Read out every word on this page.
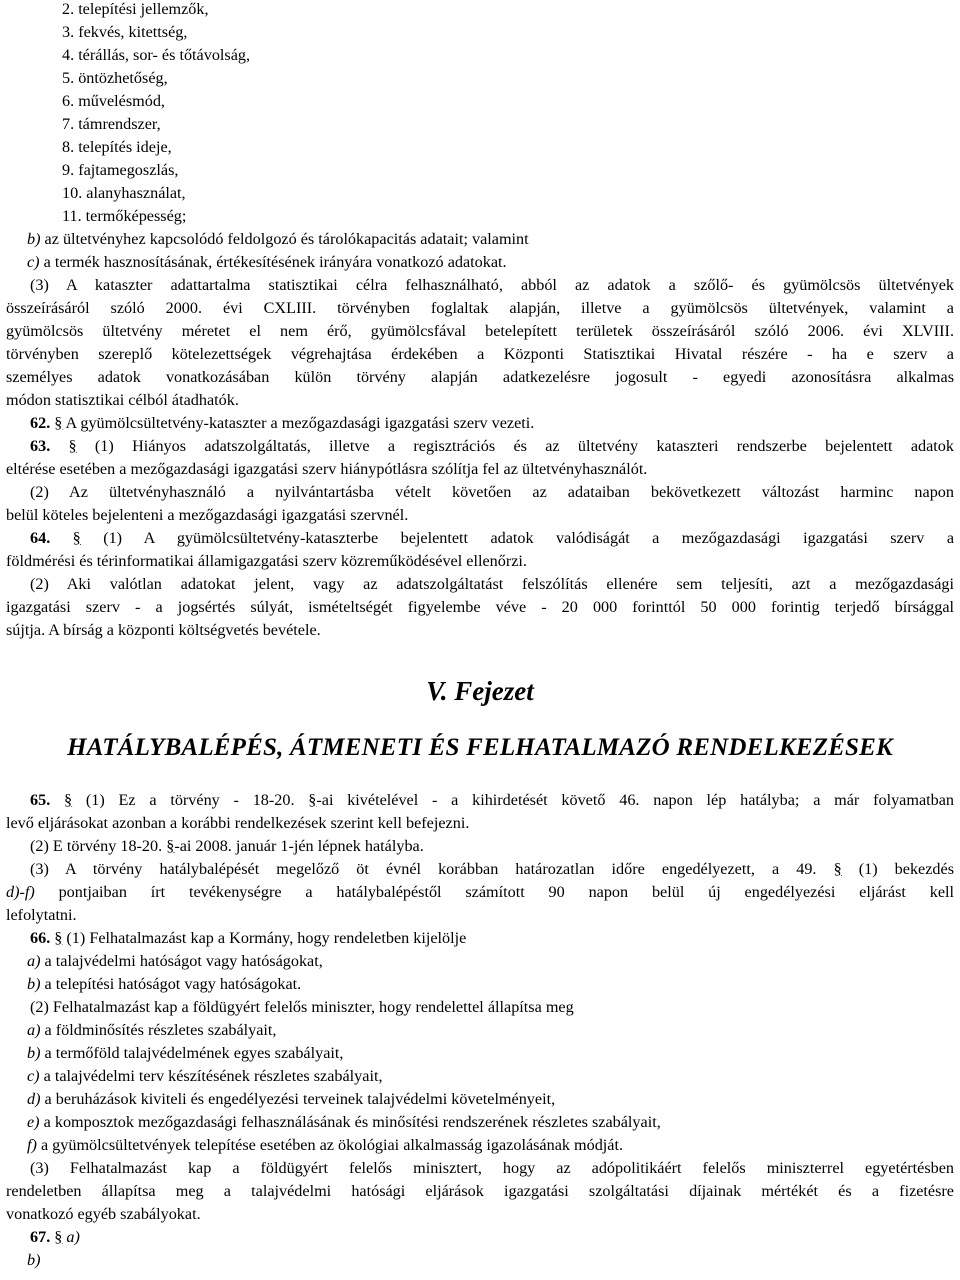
2. telepítési jellemzők,
3. fekvés, kitettség,
4. térállás, sor- és tőtávolság,
5. öntözhetőség,
6. művelésmód,
7. támrendszer,
8. telepítés ideje,
9. fajtamegoszlás,
10. alanyhasználat,
11. termőképesség;
b) az ültetvényhez kapcsolódó feldolgozó és tárolókapacitás adatait; valamint
c) a termék hasznosításának, értékesítésének irányára vonatkozó adatokat.
(3) A kataszter adattartalma statisztikai célra felhasználható, abból az adatok a szőlő- és gyümölcsös ültetvények
összeírásáról szóló 2000. évi CXLIII. törvényben foglaltak alapján, illetve a gyümölcsös ültetvények, valamint a
gyümölcsös ültetvény méretet el nem érő, gyümölcsfával betelepített területek összeírásáról szóló 2006. évi XLVIII.
törvényben szereplő kötelezettségek végrehajtása érdekében a Központi Statisztikai Hivatal részére - ha e szerv a
személyes adatok vonatkozásában külön törvény alapján adatkezelésre jogosult - egyedi azonosításra alkalmas
módon statisztikai célból átadhatók.
62. § A gyümölcsültetvény-kataszter a mezőgazdasági igazgatási szerv vezeti.
63. § (1) Hiányos adatszolgáltatás, illetve a regisztrációs és az ültetvény kataszteri rendszerbe bejelentett adatok
eltérése esetében a mezőgazdasági igazgatási szerv hiánypótlásra szólítja fel az ültetvényhasználót.
(2) Az ültetvényhasználó a nyilvántartásba vételt követően az adataiban bekövetkezett változást harminc napon
belül köteles bejelenteni a mezőgazdasági igazgatási szervnél.
64. § (1) A gyümölcsültetvény-kataszterbe bejelentett adatok valódiságát a mezőgazdasági igazgatási szerv a
földmérési és térinformatikai államigazgatási szerv közreműködésével ellenőrzi.
(2) Aki valótlan adatokat jelent, vagy az adatszolgáltatást felszólítás ellenére sem teljesíti, azt a mezőgazdasági
igazgatási szerv - a jogsértés súlyát, ismételtségét figyelembe véve - 20 000 forinttól 50 000 forintig terjedő bírsággal
sújtja. A bírság a központi költségvetés bevétele.
V. Fejezet
HATÁLYBALÉPÉS, ÁTMENETI ÉS FELHATALMAZÓ RENDELKEZÉSEK
65. § (1) Ez a törvény - 18-20. §-ai kivételével - a kihirdetését követő 46. napon lép hatályba; a már folyamatban
levő eljárásokat azonban a korábbi rendelkezések szerint kell befejezni.
(2) E törvény 18-20. §-ai 2008. január 1-jén lépnek hatályba.
(3) A törvény hatálybalépését megelőző öt évnél korábban határozatlan időre engedélyezett, a 49. § (1) bekezdés
d)-f) pontjaiban írt tevékenységre a hatálybalépéstől számított 90 napon belül új engedélyezési eljárást kell
lefolytatni.
66. § (1) Felhatalmazást kap a Kormány, hogy rendeletben kijelölje
a) a talajvédelmi hatóságot vagy hatóságokat,
b) a telepítési hatóságot vagy hatóságokat.
(2) Felhatalmazást kap a földügyért felelős miniszter, hogy rendelettel állapítsa meg
a) a földminősítés részletes szabályait,
b) a termőföld talajvédelmének egyes szabályait,
c) a talajvédelmi terv készítésének részletes szabályait,
d) a beruházások kiviteli és engedélyezési terveinek talajvédelmi követelményeit,
e) a komposztok mezőgazdasági felhasználásának és minősítési rendszerének részletes szabályait,
f) a gyümölcsültetvények telepítése esetében az ökológiai alkalmasság igazolásának módját.
(3) Felhatalmazást kap a földügyért felelős minisztert, hogy az adópolitikáért felelős miniszterrel egyetértésben
rendeletben állapítsa meg a talajvédelmi hatósági eljárások igazgatási szolgáltatási díjainak mértékét és a fizetésre
vonatkozó egyéb szabályokat.
67. § a)
b)
